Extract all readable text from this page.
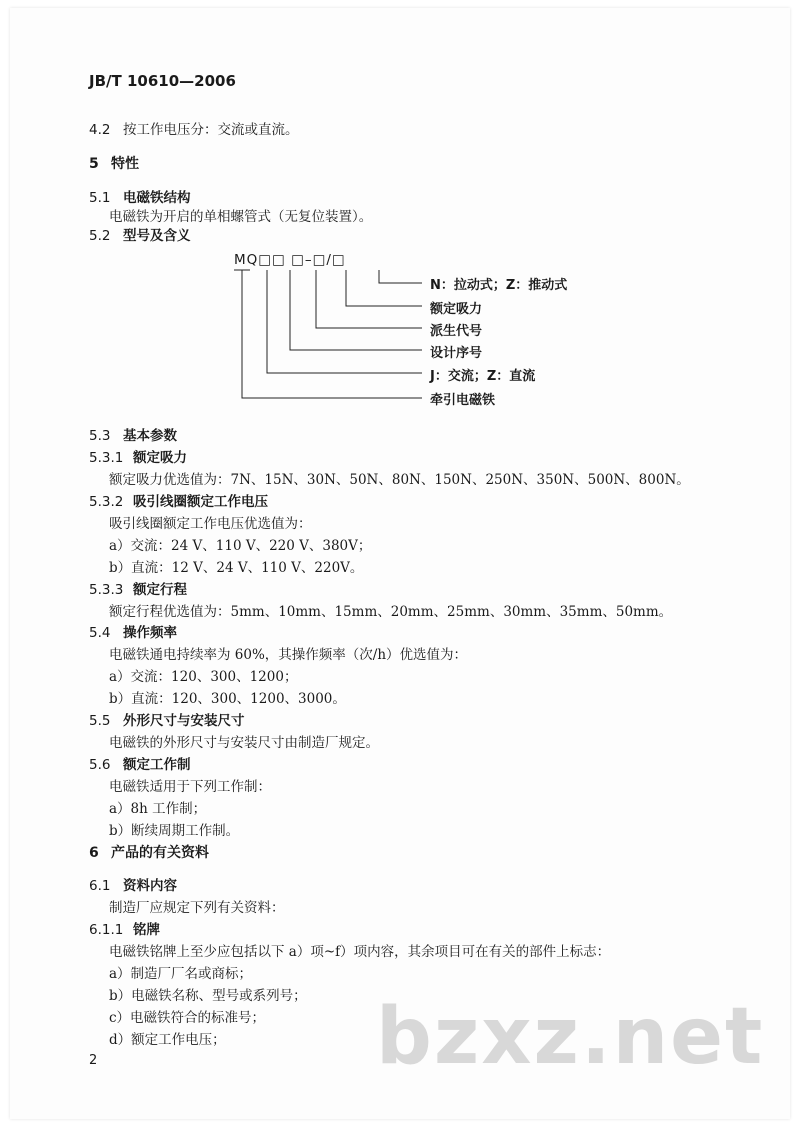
JB/T 10610—2006
4.2 按工作电压分：交流或直流。
5 特性
5.1 电磁铁结构
电磁铁为开启的单相螺管式（无复位装置）。
5.2 型号及含义
MQ□□ □–□/□
N：拉动式；Z：推动式
额定吸力
派生代号
设计序号
J：交流；Z：直流
牵引电磁铁
5.3 基本参数
5.3.1 额定吸力
额定吸力优选值为：7N、15N、30N、50N、80N、150N、250N、350N、500N、800N。
5.3.2 吸引线圈额定工作电压
吸引线圈额定工作电压优选值为：
a）交流：24 V、110 V、220 V、380V；
b）直流：12 V、24 V、110 V、220V。
5.3.3 额定行程
额定行程优选值为：5mm、10mm、15mm、20mm、25mm、30mm、35mm、50mm。
5.4 操作频率
电磁铁通电持续率为 60%，其操作频率（次/h）优选值为：
a）交流：120、300、1200；
b）直流：120、300、1200、3000。
5.5 外形尺寸与安装尺寸
电磁铁的外形尺寸与安装尺寸由制造厂规定。
5.6 额定工作制
电磁铁适用于下列工作制：
a）8h 工作制；
b）断续周期工作制。
6 产品的有关资料
6.1 资料内容
制造厂应规定下列有关资料：
6.1.1 铭牌
电磁铁铭牌上至少应包括以下 a）项~f）项内容，其余项目可在有关的部件上标志：
a）制造厂厂名或商标；
b）电磁铁名称、型号或系列号；
c）电磁铁符合的标准号；
d）额定工作电压； bzxz.net
2
